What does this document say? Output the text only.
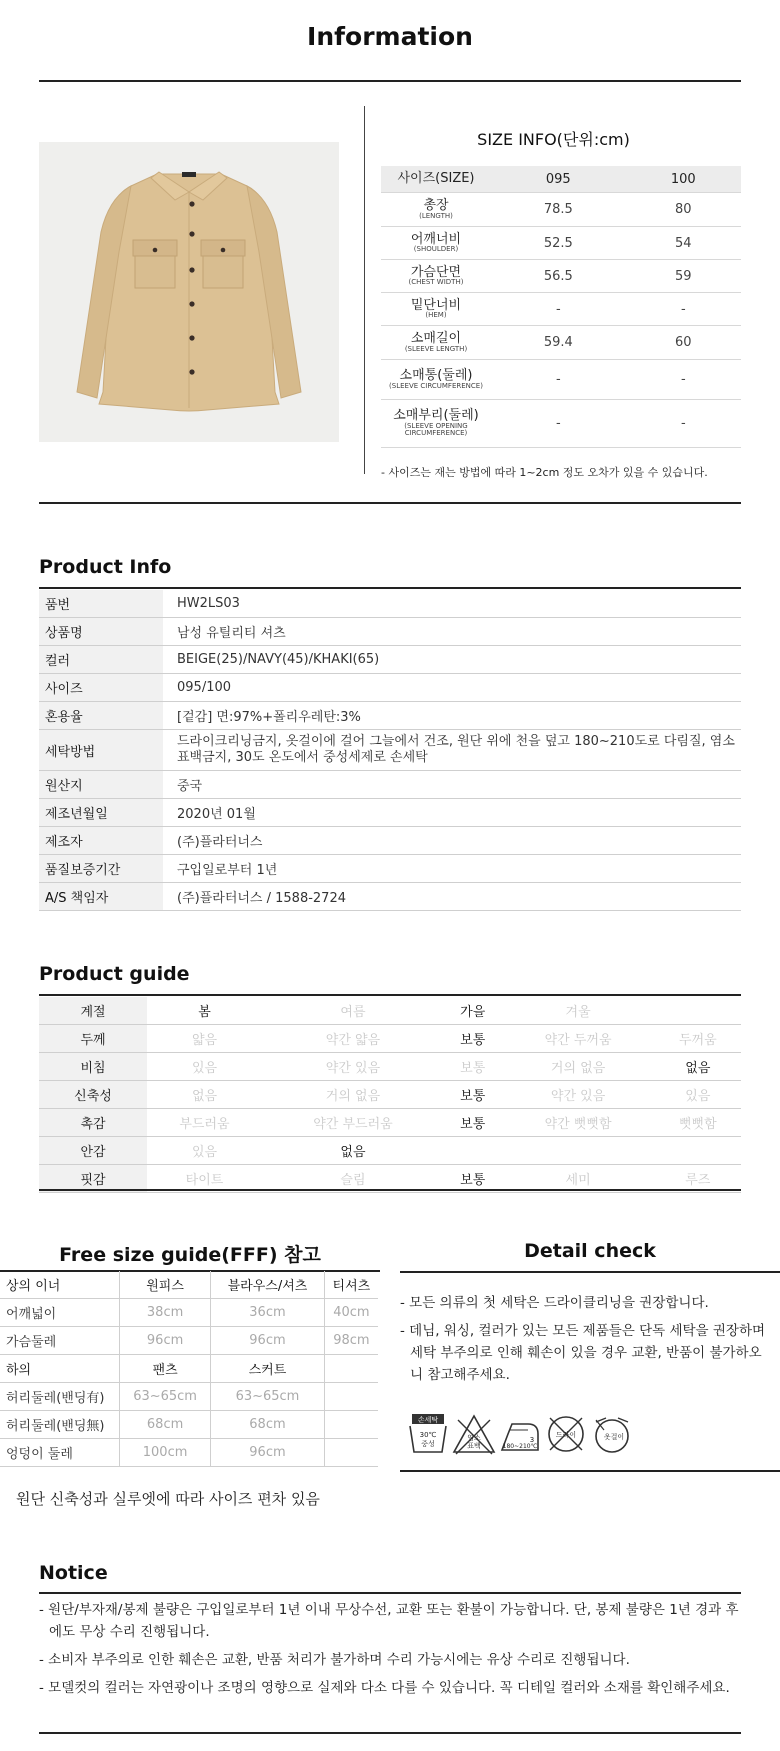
Information
SIZE INFO(단위:cm)
사이즈(SIZE)	095	100
총장
(LENGTH)	78.5	80
어깨너비
(SHOULDER)	52.5	54
가슴단면
(CHEST WIDTH)	56.5	59
밑단너비
(HEM)	-	-
소매길이
(SLEEVE LENGTH)	59.4	60
소매통(둘레)
(SLEEVE CIRCUMFERENCE)	-	-
소매부리(둘레)
(SLEEVE OPENING CIRCUMFERENCE)	-	-
- 사이즈는 재는 방법에 따라 1~2cm 정도 오차가 있을 수 있습니다.
Product Info
품번	HW2LS03
상품명	남성 유틸리티 셔츠
컬러	BEIGE(25)/NAVY(45)/KHAKI(65)
사이즈	095/100
혼용율	[겉감] 면:97%+폴리우레탄:3%
세탁방법	드라이크리닝금지, 옷걸이에 걸어 그늘에서 건조, 원단 위에 천을 덮고 180~210도로 다림질, 염소 표백금지, 30도 온도에서 중성세제로 손세탁
원산지	중국
제조년월일	2020년 01월
제조자	(주)플라터너스
품질보증기간	구입일로부터 1년
A/S 책임자	(주)플라터너스 / 1588-2724
Product guide
계절	봄	여름	가을	겨울	
두께	얇음	약간 얇음	보통	약간 두꺼움	두꺼움
비침	있음	약간 있음	보통	거의 없음	없음
신축성	없음	거의 없음	보통	약간 있음	있음
촉감	부드러움	약간 부드러움	보통	약간 뻣뻣함	뻣뻣함
안감	있음	없음			
핏감	타이트	슬림	보통	세미	루즈
Free size guide(FFF) 참고
상의 이너	원피스	블라우스/셔츠	티셔츠
어깨넓이	38cm	36cm	40cm
가슴둘레	96cm	96cm	98cm
하의	팬츠	스커트	
허리둘레(밴딩有)	63~65cm	63~65cm	
허리둘레(밴딩無)	68cm	68cm	
엉덩이 둘레	100cm	96cm	
원단 신축성과 실루엣에 따라 사이즈 편차 있음
Detail check

- 모든 의류의 첫 세탁은 드라이클리닝을 권장합니다.

- 데님, 워싱, 컬러가 있는 모든 제품들은 단독 세탁을 권장하며 세탁 부주의로 인해 훼손이 있을 경우 교환, 반품이 불가하오니 참고해주세요.

손세탁
30℃
중성
염소
표백
3
180~210℃
드라이	옷걸이
Notice

- 원단/부자재/봉제 불량은 구입일로부터 1년 이내 무상수선, 교환 또는 환불이 가능합니다. 단, 봉제 불량은 1년 경과 후에도 무상 수리 진행됩니다.

- 소비자 부주의로 인한 훼손은 교환, 반품 처리가 불가하며 수리 가능시에는 유상 수리로 진행됩니다.

- 모델컷의 컬러는 자연광이나 조명의 영향으로 실제와 다소 다를 수 있습니다. 꼭 디테일 컬러와 소재를 확인해주세요.
